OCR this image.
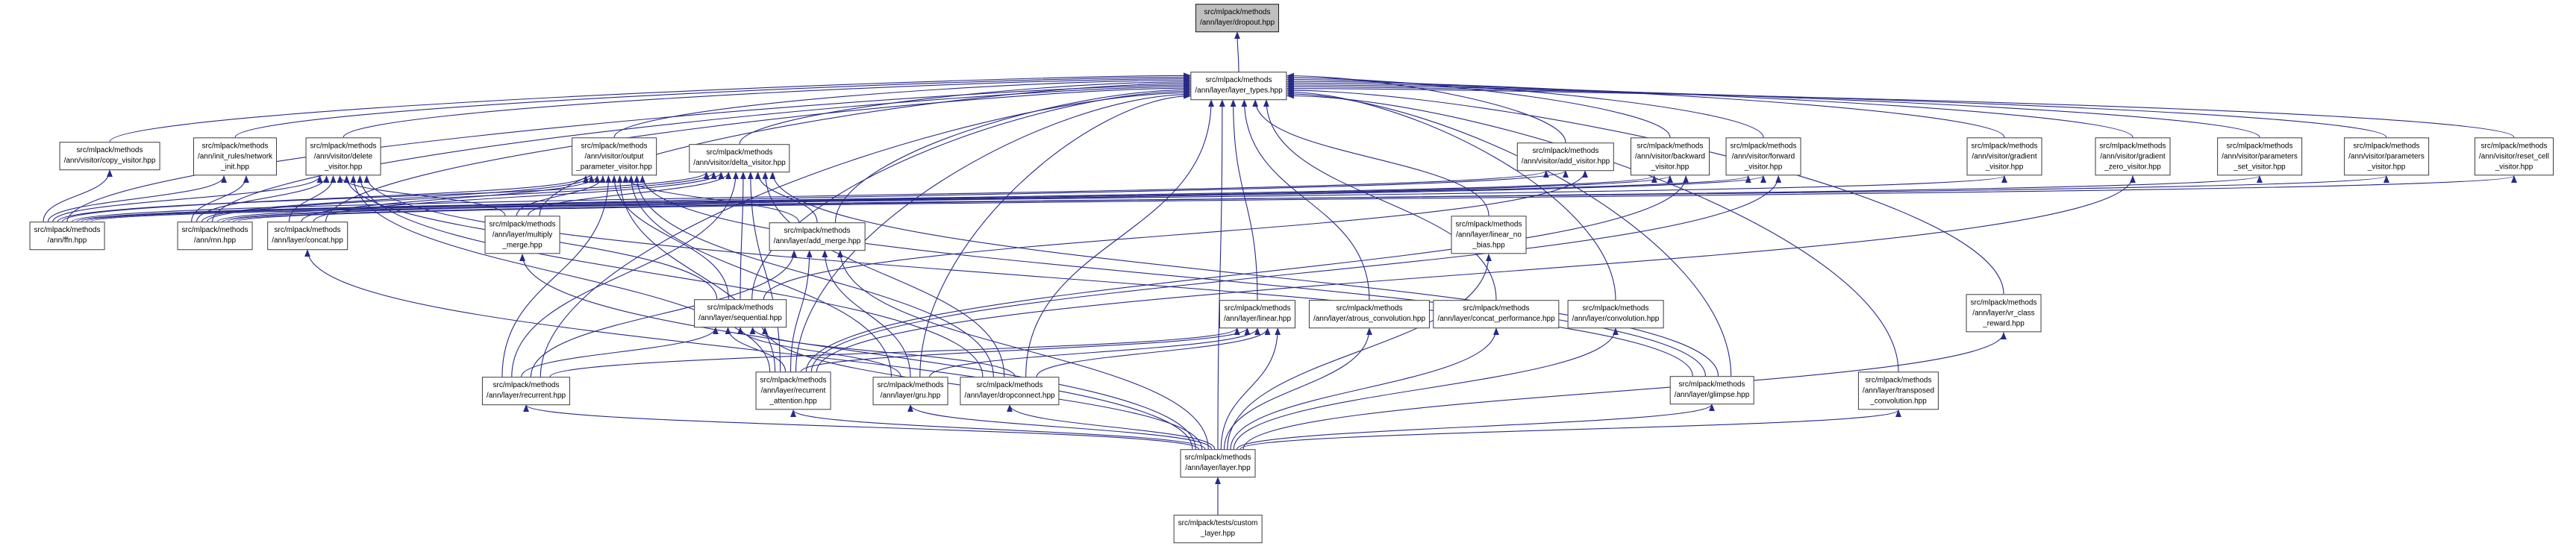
src/mlpack/methods
/ann/layer/dropout.hpp
src/mlpack/methods
/ann/layer/layer_types.hpp
src/mlpack/methods
/ann/visitor/copy_visitor.hpp
src/mlpack/methods
/ann/init_rules/network
_init.hpp
src/mlpack/methods
/ann/visitor/delete
_visitor.hpp
src/mlpack/methods
/ann/visitor/output
_parameter_visitor.hpp
src/mlpack/methods
/ann/visitor/delta_visitor.hpp
src/mlpack/methods
/ann/visitor/add_visitor.hpp
src/mlpack/methods
/ann/visitor/backward
_visitor.hpp
src/mlpack/methods
/ann/visitor/forward
_visitor.hpp
src/mlpack/methods
/ann/visitor/gradient
_visitor.hpp
src/mlpack/methods
/ann/visitor/gradient
_zero_visitor.hpp
src/mlpack/methods
/ann/visitor/parameters
_set_visitor.hpp
src/mlpack/methods
/ann/visitor/parameters
_visitor.hpp
src/mlpack/methods
/ann/visitor/reset_cell
_visitor.hpp
src/mlpack/methods
/ann/ffn.hpp
src/mlpack/methods
/ann/rnn.hpp
src/mlpack/methods
/ann/layer/concat.hpp
src/mlpack/methods
/ann/layer/multiply
_merge.hpp
src/mlpack/methods
/ann/layer/add_merge.hpp
src/mlpack/methods
/ann/layer/linear_no
_bias.hpp
src/mlpack/methods
/ann/layer/sequential.hpp
src/mlpack/methods
/ann/layer/linear.hpp
src/mlpack/methods
/ann/layer/atrous_convolution.hpp
src/mlpack/methods
/ann/layer/concat_performance.hpp
src/mlpack/methods
/ann/layer/convolution.hpp
src/mlpack/methods
/ann/layer/vr_class
_reward.hpp
src/mlpack/methods
/ann/layer/recurrent.hpp
src/mlpack/methods
/ann/layer/recurrent
_attention.hpp
src/mlpack/methods
/ann/layer/gru.hpp
src/mlpack/methods
/ann/layer/dropconnect.hpp
src/mlpack/methods
/ann/layer/glimpse.hpp
src/mlpack/methods
/ann/layer/transposed
_convolution.hpp
src/mlpack/methods
/ann/layer/layer.hpp
src/mlpack/tests/custom
_layer.hpp
